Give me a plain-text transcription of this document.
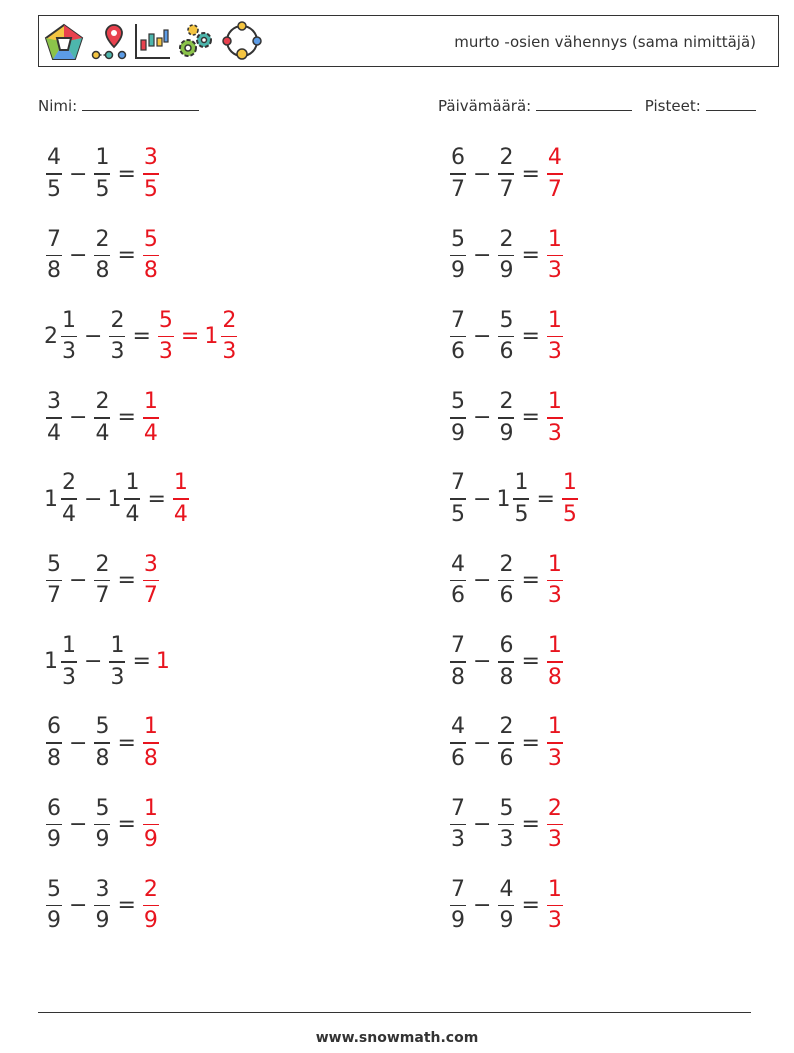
murto -osien vähennys (sama nimittäjä)
Nimi:	Päivämäärä:	Pisteet:
$\frac{4}{5} - \frac{1}{5} = \frac{3}{5}$
$\frac{7}{8} - \frac{2}{8} = \frac{5}{8}$
$2 \frac{1}{3} - \frac{2}{3} = \frac{5}{3} = 1 \frac{2}{3}$
$\frac{3}{4} - \frac{2}{4} = \frac{1}{4}$
$1 \frac{2}{4} - 1 \frac{1}{4} = \frac{1}{4}$
$\frac{5}{7} - \frac{2}{7} = \frac{3}{7}$
$1 \frac{1}{3} - \frac{1}{3} = 1$
$\frac{6}{8} - \frac{5}{8} = \frac{1}{8}$
$\frac{6}{9} - \frac{5}{9} = \frac{1}{9}$
$\frac{5}{9} - \frac{3}{9} = \frac{2}{9}$
$\frac{6}{7} - \frac{2}{7} = \frac{4}{7}$
$\frac{5}{9} - \frac{2}{9} = \frac{1}{3}$
$\frac{7}{6} - \frac{5}{6} = \frac{1}{3}$
$\frac{5}{9} - \frac{2}{9} = \frac{1}{3}$
$\frac{7}{5} - 1 \frac{1}{5} = \frac{1}{5}$
$\frac{4}{6} - \frac{2}{6} = \frac{1}{3}$
$\frac{7}{8} - \frac{6}{8} = \frac{1}{8}$
$\frac{4}{6} - \frac{2}{6} = \frac{1}{3}$
$\frac{7}{3} - \frac{5}{3} = \frac{2}{3}$
$\frac{7}{9} - \frac{4}{9} = \frac{1}{3}$
www.snowmath.com
